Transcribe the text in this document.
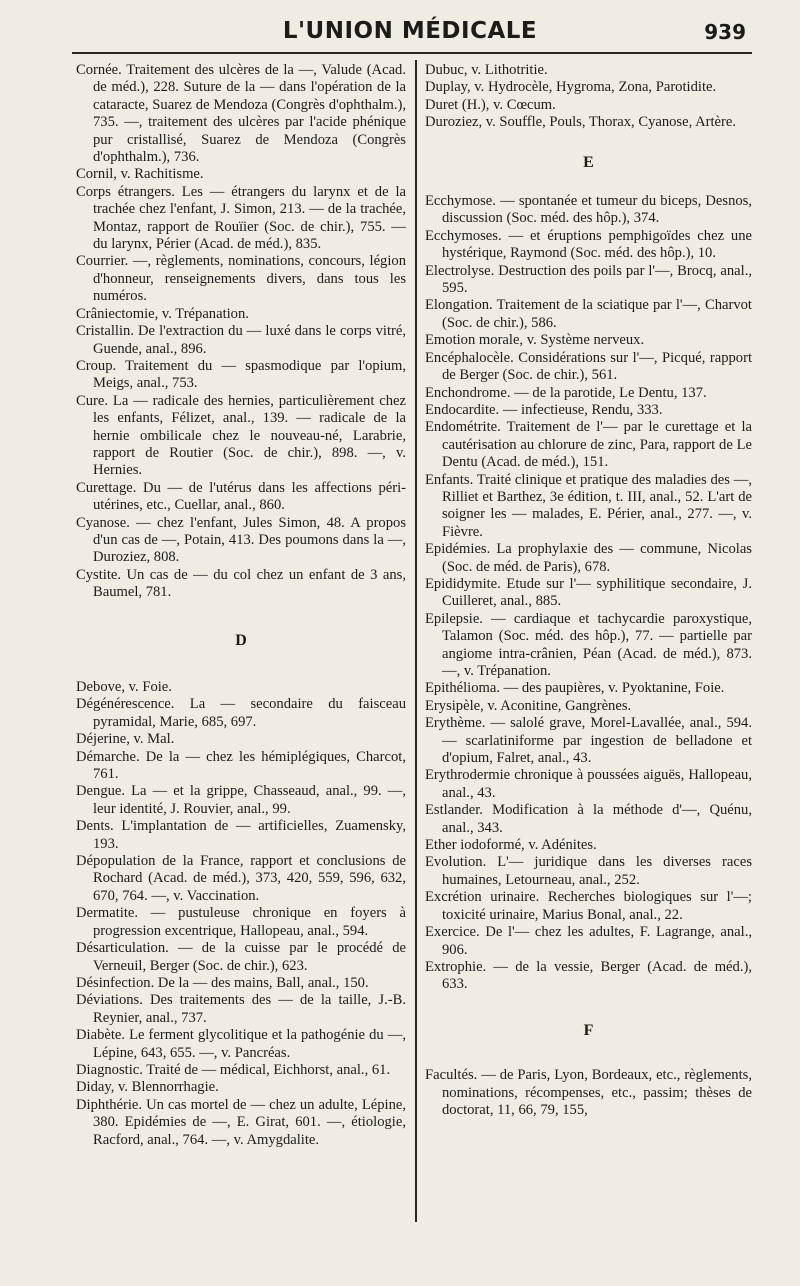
L'UNION MÉDICALE	939

Cornée. Traitement des ulcères de la —, Valude (Acad. de méd.), 228. Suture de la — dans l'opération de la cataracte, Suarez de Mendoza (Congrès d'ophthalm.), 735. —, traitement des ulcères par l'acide phénique pur cristallisé, Suarez de Mendoza (Congrès d'ophthalm.), 736.

Cornil, v. Rachitisme.

Corps étrangers. Les — étrangers du larynx et de la trachée chez l'enfant, J. Simon, 213. — de la trachée, Montaz, rapport de Rouïier (Soc. de chir.), 755. — du larynx, Périer (Acad. de méd.), 835.

Courrier. —, règlements, nominations, concours, légion d'honneur, renseignements divers, dans tous les numéros.

Crâniectomie, v. Trépanation.

Cristallin. De l'extraction du — luxé dans le corps vitré, Guende, anal., 896.

Croup. Traitement du — spasmodique par l'opium, Meigs, anal., 753.

Cure. La — radicale des hernies, particulièrement chez les enfants, Félizet, anal., 139. — radicale de la hernie ombilicale chez le nouveau-né, Larabrie, rapport de Routier (Soc. de chir.), 898. —, v. Hernies.

Curettage. Du — de l'utérus dans les affections péri-utérines, etc., Cuellar, anal., 860.

Cyanose. — chez l'enfant, Jules Simon, 48. A propos d'un cas de —, Potain, 413. Des poumons dans la —, Duroziez, 808.

Cystite. Un cas de — du col chez un enfant de 3 ans, Baumel, 781.

D

Debove, v. Foie.

Dégénérescence. La — secondaire du faisceau pyramidal, Marie, 685, 697.

Déjerine, v. Mal.

Démarche. De la — chez les hémiplégiques, Charcot, 761.

Dengue. La — et la grippe, Chasseaud, anal., 99. —, leur identité, J. Rouvier, anal., 99.

Dents. L'implantation de — artificielles, Zuamensky, 193.

Dépopulation de la France, rapport et conclusions de Rochard (Acad. de méd.), 373, 420, 559, 596, 632, 670, 764. —, v. Vaccination.

Dermatite. — pustuleuse chronique en foyers à progression excentrique, Hallopeau, anal., 594.

Désarticulation. — de la cuisse par le procédé de Verneuil, Berger (Soc. de chir.), 623.

Désinfection. De la — des mains, Ball, anal., 150.

Déviations. Des traitements des — de la taille, J.-B. Reynier, anal., 737.

Diabète. Le ferment glycolitique et la pathogénie du —, Lépine, 643, 655. —, v. Pancréas.

Diagnostic. Traité de — médical, Eichhorst, anal., 61.

Diday, v. Blennorrhagie.

Diphthérie. Un cas mortel de — chez un adulte, Lépine, 380. Epidémies de —, E. Girat, 601. —, étiologie, Racford, anal., 764. —, v. Amygdalite.

Dubuc, v. Lithotritie.

Duplay, v. Hydrocèle, Hygroma, Zona, Parotidite.

Duret (H.), v. Cœcum.

Duroziez, v. Souffle, Pouls, Thorax, Cyanose, Artère.

E

Ecchymose. — spontanée et tumeur du biceps, Desnos, discussion (Soc. méd. des hôp.), 374.

Ecchymoses. — et éruptions pemphigoïdes chez une hystérique, Raymond (Soc. méd. des hôp.), 10.

Electrolyse. Destruction des poils par l'—, Brocq, anal., 595.

Elongation. Traitement de la sciatique par l'—, Charvot (Soc. de chir.), 586.

Emotion morale, v. Système nerveux.

Encéphalocèle. Considérations sur l'—, Picqué, rapport de Berger (Soc. de chir.), 561.

Enchondrome. — de la parotide, Le Dentu, 137.

Endocardite. — infectieuse, Rendu, 333.

Endométrite. Traitement de l'— par le curettage et la cautérisation au chlorure de zinc, Para, rapport de Le Dentu (Acad. de méd.), 151.

Enfants. Traité clinique et pratique des maladies des —, Rilliet et Barthez, 3e édition, t. III, anal., 52. L'art de soigner les — malades, E. Périer, anal., 277. —, v. Fièvre.

Epidémies. La prophylaxie des — commune, Nicolas (Soc. de méd. de Paris), 678.

Epididymite. Etude sur l'— syphilitique secondaire, J. Cuilleret, anal., 885.

Epilepsie. — cardiaque et tachycardie paroxystique, Talamon (Soc. méd. des hôp.), 77. — partielle par angiome intra-crânien, Péan (Acad. de méd.), 873. —, v. Trépanation.

Epithélioma. — des paupières, v. Pyoktanine, Foie.

Erysipèle, v. Aconitine, Gangrènes.

Erythème. — salolé grave, Morel-Lavallée, anal., 594. — scarlatiniforme par ingestion de belladone et d'opium, Falret, anal., 43.

Erythrodermie chronique à poussées aiguës, Hallopeau, anal., 43.

Estlander. Modification à la méthode d'—, Quénu, anal., 343.

Ether iodoformé, v. Adénites.

Evolution. L'— juridique dans les diverses races humaines, Letourneau, anal., 252.

Excrétion urinaire. Recherches biologiques sur l'—; toxicité urinaire, Marius Bonal, anal., 22.

Exercice. De l'— chez les adultes, F. Lagrange, anal., 906.

Extrophie. — de la vessie, Berger (Acad. de méd.), 633.

F

Facultés. — de Paris, Lyon, Bordeaux, etc., règlements, nominations, récompenses, etc., passim; thèses de doctorat, 11, 66, 79, 155,
